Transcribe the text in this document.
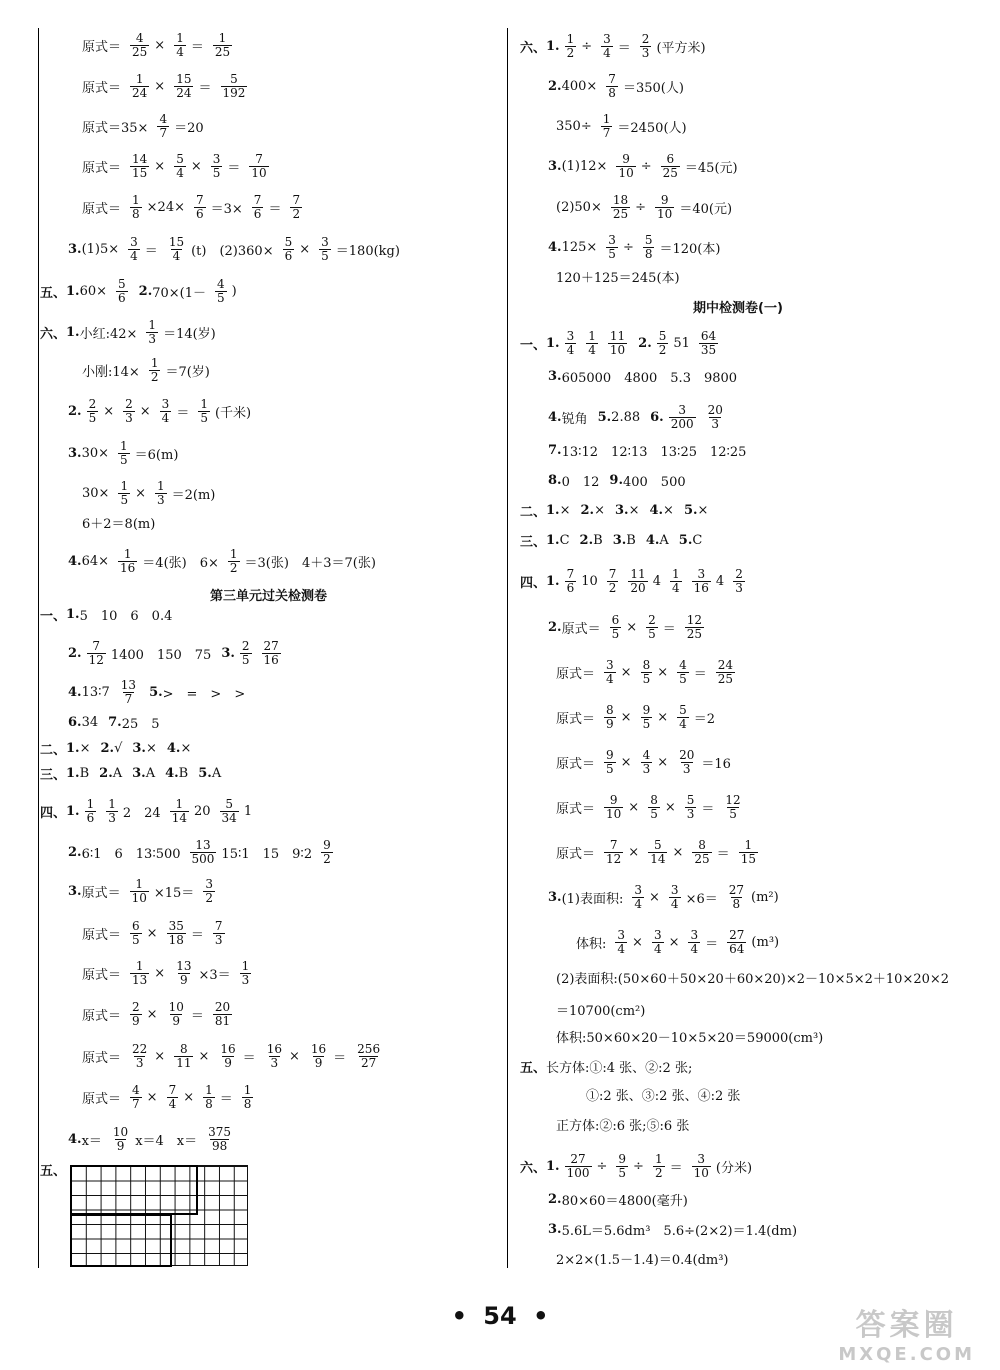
第三单元过关检测卷
原式＝ $\frac{4}{25} \times \frac{1}{4} = \frac{1}{25}$
原式＝ $\frac{1}{24} \times \frac{15}{24} = \frac{5}{192}$
原式$=35\times \frac{4}{7} =20$
原式＝ $\frac{14}{15} \times \frac{5}{4} \times \frac{3}{5} = \frac{7}{10}$
原式＝ $\frac{1}{8} \times 24\times \frac{7}{6} =3\times \frac{7}{6} = \frac{7}{2}$
3. $(1)5\times \frac{3}{4} = \frac{15}{4} (t)$　$(2)360\times \frac{5}{6} \times \frac{3}{5} =180(kg)$
五、 1. $60\times \frac{5}{6} 2$. $70\times(1- \frac{4}{5}$ )
六、 1. 小红:42× $\frac{1}{3} =14$(岁)
小刚:14× $\frac{1}{2} =7$(岁)
2. $\frac{2}{5} \times \frac{2}{3} \times \frac{3}{4} = \frac{1}{5}$ (千米)
3. $30\times \frac{1}{5} =6(m)$
$30\times \frac{1}{5} \times \frac{1}{3} =2(m)$
6＋2＝8(m)
4. $64\times \frac{1}{16} =4$(张)　$6\times \frac{1}{2} =3$(张)　4＋3＝7(张)
一、 1. 5　10　6　0.4
2. $\frac{7}{12} 1400$　150　75 3. $\frac{2}{5} \frac{27}{16}$
4. 13∶7 $\frac{13}{7} 5$. >　=　>　>
6. 34 7. 25　5
二、 1. × 2. √ 3. × 4. ×
三、 1. B 2. A 3. A 4. B 5. A
四、 1. $\frac{1}{6} \frac{1}{3} 2$　$24 \frac{1}{14} 20 \frac{5}{34} 1$
2. 6∶1　6　13∶500 $\frac{13}{500}$ 15∶1　15　9∶2 $\frac{9}{2}$
3. 原式＝ $\frac{1}{10} \times 15= \frac{3}{2}$
原式＝ $\frac{6}{5} \times \frac{35}{18} = \frac{7}{3}$
原式＝ $\frac{1}{13} \times \frac{13}{9} \times 3= \frac{1}{3}$
原式＝ $\frac{2}{9} \times \frac{10}{9} = \frac{20}{81}$
原式＝ $\frac{22}{3} \times \frac{8}{11} \times \frac{16}{9} = \frac{16}{3} \times \frac{16}{9} = \frac{256}{27}$
原式＝ $\frac{4}{7} \times \frac{7}{4} \times \frac{1}{8} = \frac{1}{8}$
4. $x= \frac{10}{9} x=4$　$x= \frac{375}{98}$
五、
期中检测卷(一)
六、 1. $\frac{1}{2} \div \frac{3}{4} = \frac{2}{3}$ (平方米)
2. $400\times \frac{7}{8} =350$(人)
$350\div \frac{1}{7} =2450$(人)
3. $(1)12\times \frac{9}{10} \div \frac{6}{25} =45$(元)
$(2)50\times \frac{18}{25} \div \frac{9}{10} =40$(元)
4. $125\times \frac{3}{5} \div \frac{5}{8} =120$(本)
120＋125＝245(本)
一、 1. $\frac{3}{4} \frac{1}{4} \frac{11}{10} 2$. $\frac{5}{2} 51 \frac{64}{35}$
3. 605000　4800　5.3　9800
4. 锐角 5. 2.88 6. $\frac{3}{200} \frac{20}{3}$
7. 13∶12　12∶13　13∶25　12∶25
8. 0　12 9. 400　500
二、 1. × 2. × 3. × 4. × 5. ×
三、 1. C 2. B 3. B 4. A 5. C
四、 1. $\frac{7}{6} 10 \frac{7}{2} \frac{11}{20} 4 \frac{1}{4} \frac{3}{16} 4 \frac{2}{3}$
2. 原式＝ $\frac{6}{5} \times \frac{2}{5} = \frac{12}{25}$
原式＝ $\frac{3}{4} \times \frac{8}{5} \times \frac{4}{5} = \frac{24}{25}$
原式＝ $\frac{8}{9} \times \frac{9}{5} \times \frac{5}{4} =2$
原式＝ $\frac{9}{5} \times \frac{4}{3} \times \frac{20}{3} =16$
原式＝ $\frac{9}{10} \times \frac{8}{5} \times \frac{5}{3} = \frac{12}{5}$
原式＝ $\frac{7}{12} \times \frac{5}{14} \times \frac{8}{25} = \frac{1}{15}$
3. (1)表面积: $\frac{3}{4} \times \frac{3}{4} \times 6= \frac{27}{8} (m^2)$
体积: $\frac{3}{4} \times \frac{3}{4} \times \frac{3}{4} = \frac{27}{64} (m^3)$
(2)表面积:(50×60＋50×20＋60×20)×2－10×5×2＋10×20×2
＝10700(cm²)
体积:50×60×20－10×5×20＝59000(cm³)
五、 长方体:①:4 张、②:2 张;
①:2 张、③:2 张、④:2 张
正方体:②:6 张;⑤:6 张
六、 1. $\frac{27}{100} \div \frac{9}{5} \div \frac{1}{2} = \frac{3}{10}$ (分米)
2. 80×60＝4800(毫升)
3. 5.6L＝5.6dm³　5.6÷(2×2)＝1.4(dm)
2×2×(1.5－1.4)＝0.4(dm³)
• 54 •	答案圈
MXQE.COM
